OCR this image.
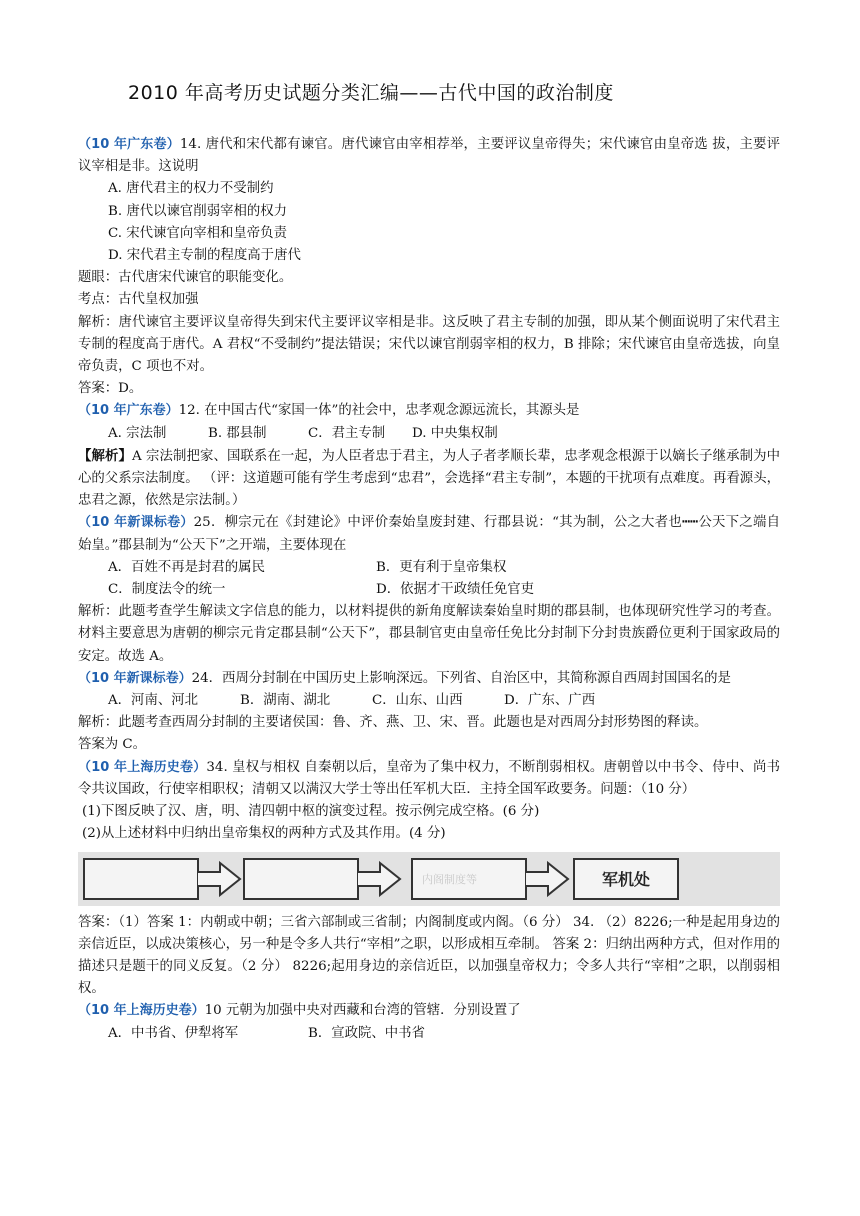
2010 年高考历史试题分类汇编——古代中国的政治制度

（10 年广东卷）14. 唐代和宋代都有谏官。唐代谏官由宰相荐举，主要评议皇帝得失；宋代谏官由皇帝选 拔，主要评议宰相是非。这说明

A. 唐代君主的权力不受制约

B. 唐代以谏官削弱宰相的权力

C. 宋代谏官向宰相和皇帝负责

D. 宋代君主专制的程度高于唐代

题眼：古代唐宋代谏官的职能变化。

考点：古代皇权加强

解析：唐代谏官主要评议皇帝得失到宋代主要评议宰相是非。这反映了君主专制的加强，即从某个侧面说明了宋代君主专制的程度高于唐代。A 君权“不受制约”提法错误；宋代以谏官削弱宰相的权力，B 排除；宋代谏官由皇帝选拔，向皇帝负责，C 项也不对。

答案：D。

（10 年广东卷）12. 在中国古代“家国一体”的社会中，忠孝观念源远流长，其源头是

A. 宗法制	B. 郡县制	C．君主专制	D. 中央集权制

【解析】A 宗法制把家、国联系在一起，为人臣者忠于君主，为人子者孝顺长辈，忠孝观念根源于以嫡长子继承制为中心的父系宗法制度。 （评：这道题可能有学生考虑到“忠君”，会选择“君主专制”，本题的干扰项有点难度。再看源头，忠君之源，依然是宗法制。）

（10 年新课标卷）25．柳宗元在《封建论》中评价秦始皇废封建、行郡县说：“其为制，公之大者也┅┅公天下之端自始皇。”郡县制为“公天下”之开端，主要体现在

A．百姓不再是封君的属民	B．更有利于皇帝集权
C．制度法令的统一	D．依据才干政绩任免官吏

解析：此题考查学生解读文字信息的能力，以材料提供的新角度解读秦始皇时期的郡县制，也体现研究性学习的考查。材料主要意思为唐朝的柳宗元肯定郡县制“公天下”，郡县制官吏由皇帝任免比分封制下分封贵族爵位更利于国家政局的安定。故选 A。

（10 年新课标卷）24．西周分封制在中国历史上影响深远。下列省、自治区中，其简称源自西周封国国名的是

A．河南、河北	B．湖南、湖北	C．山东、山西	D．广东、广西

解析：此题考查西周分封制的主要诸侯国：鲁、齐、燕、卫、宋、晋。此题也是对西周分封形势图的释读。

答案为 C。

（10 年上海历史卷）34. 皇权与相权 自秦朝以后，皇帝为了集中权力，不断削弱相权。唐朝曾以中书令、侍中、尚书令共议国政，行使宰相职权；清朝又以满汉大学士等出任军机大臣．主持全国军政要务。问题：（10 分）

(1)下图反映了汉、唐，明、清四朝中枢的演变过程。按示例完成空格。(6 分)

(2)从上述材料中归纳出皇帝集权的两种方式及其作用。(4 分)

内阁制度等	军机处

答案：（1）答案 1：内朝或中朝；三省六部制或三省制；内阁制度或内阁。（6 分） 34. （2）8226;一种是起用身边的亲信近臣，以成决策核心，另一种是令多人共行“宰相”之职，以形成相互牵制。 答案 2：归纳出两种方式，但对作用的描述只是题干的同义反复。（2 分） 8226;起用身边的亲信近臣，以加强皇帝权力；令多人共行“宰相”之职，以削弱相权。

（10 年上海历史卷）10 元朝为加强中央对西藏和台湾的管辖．分别设置了

A．中书省、伊犁将军	B．宣政院、中书省
